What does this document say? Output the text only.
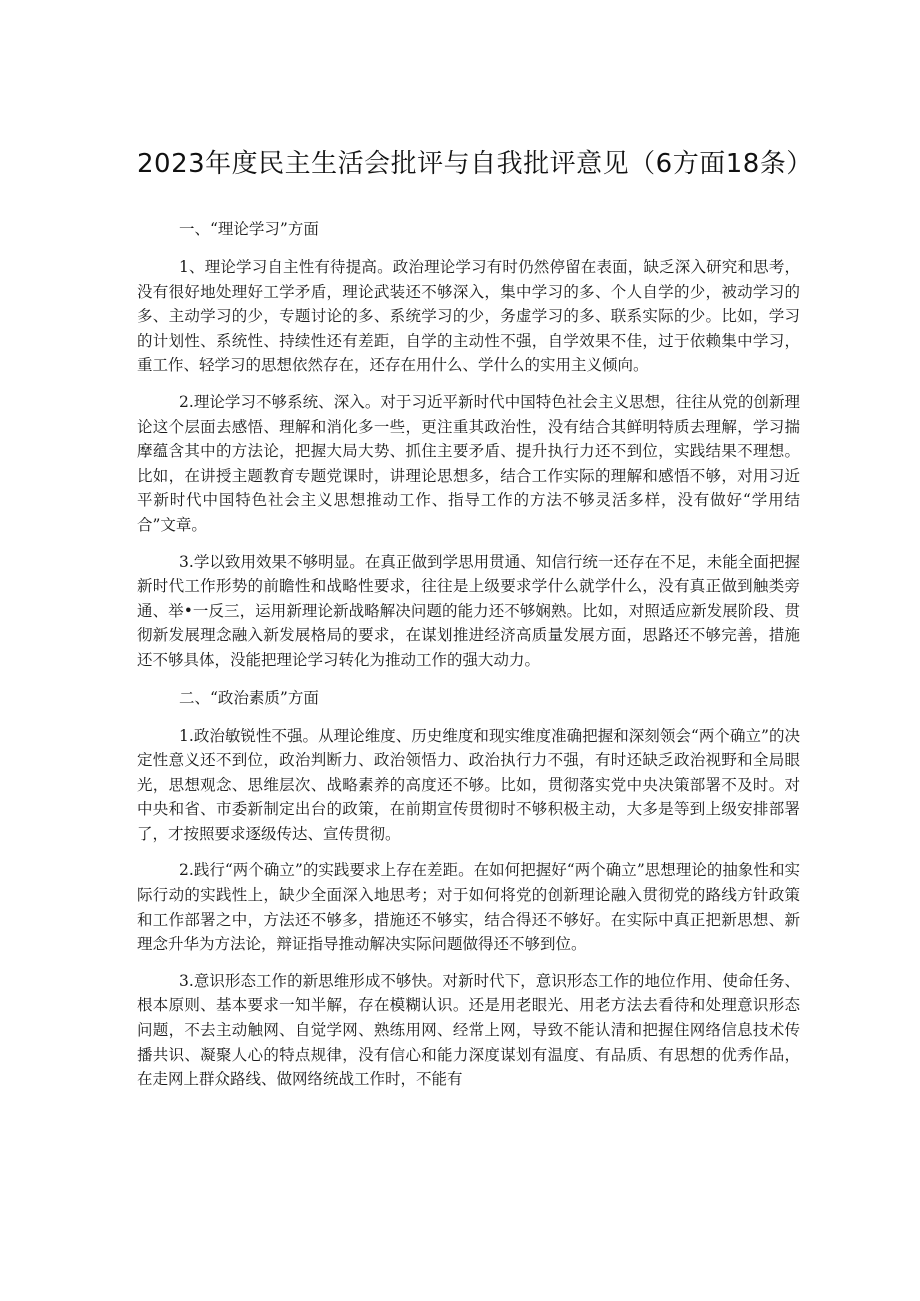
2023年度民主生活会批评与自我批评意见（6方面18条）

一、“理论学习”方面

1、理论学习自主性有待提高。政治理论学习有时仍然停留在表面，缺乏深入研究和思考，没有很好地处理好工学矛盾，理论武装还不够深入，集中学习的多、个人自学的少，被动学习的多、主动学习的少，专题讨论的多、系统学习的少，务虚学习的多、联系实际的少。比如，学习的计划性、系统性、持续性还有差距，自学的主动性不强，自学效果不佳，过于依赖集中学习，重工作、轻学习的思想依然存在，还存在用什么、学什么的实用主义倾向。

2.理论学习不够系统、深入。对于习近平新时代中国特色社会主义思想，往往从党的创新理论这个层面去感悟、理解和消化多一些，更注重其政治性，没有结合其鲜明特质去理解，学习揣摩蕴含其中的方法论，把握大局大势、抓住主要矛盾、提升执行力还不到位，实践结果不理想。比如，在讲授主题教育专题党课时，讲理论思想多，结合工作实际的理解和感悟不够，对用习近平新时代中国特色社会主义思想推动工作、指导工作的方法不够灵活多样，没有做好“学用结合”文章。

3.学以致用效果不够明显。在真正做到学思用贯通、知信行统一还存在不足，未能全面把握新时代工作形势的前瞻性和战略性要求，往往是上级要求学什么就学什么，没有真正做到触类旁通、举•一反三，运用新理论新战略解决问题的能力还不够娴熟。比如，对照适应新发展阶段、贯彻新发展理念融入新发展格局的要求，在谋划推进经济高质量发展方面，思路还不够完善，措施还不够具体，没能把理论学习转化为推动工作的强大动力。

二、“政治素质”方面

1.政治敏锐性不强。从理论维度、历史维度和现实维度准确把握和深刻领会“两个确立”的决定性意义还不到位，政治判断力、政治领悟力、政治执行力不强，有时还缺乏政治视野和全局眼光，思想观念、思维层次、战略素养的高度还不够。比如，贯彻落实党中央决策部署不及时。对中央和省、市委新制定出台的政策，在前期宣传贯彻时不够积极主动，大多是等到上级安排部署了，才按照要求逐级传达、宣传贯彻。

2.践行“两个确立”的实践要求上存在差距。在如何把握好“两个确立”思想理论的抽象性和实际行动的实践性上，缺少全面深入地思考；对于如何将党的创新理论融入贯彻党的路线方针政策和工作部署之中，方法还不够多，措施还不够实，结合得还不够好。在实际中真正把新思想、新理念升华为方法论，辩证指导推动解决实际问题做得还不够到位。

3.意识形态工作的新思维形成不够快。对新时代下，意识形态工作的地位作用、使命任务、根本原则、基本要求一知半解，存在模糊认识。还是用老眼光、用老方法去看待和处理意识形态问题，不去主动触网、自觉学网、熟练用网、经常上网，导致不能认清和把握住网络信息技术传播共识、凝聚人心的特点规律，没有信心和能力深度谋划有温度、有品质、有思想的优秀作品，在走网上群众路线、做网络统战工作时，不能有
